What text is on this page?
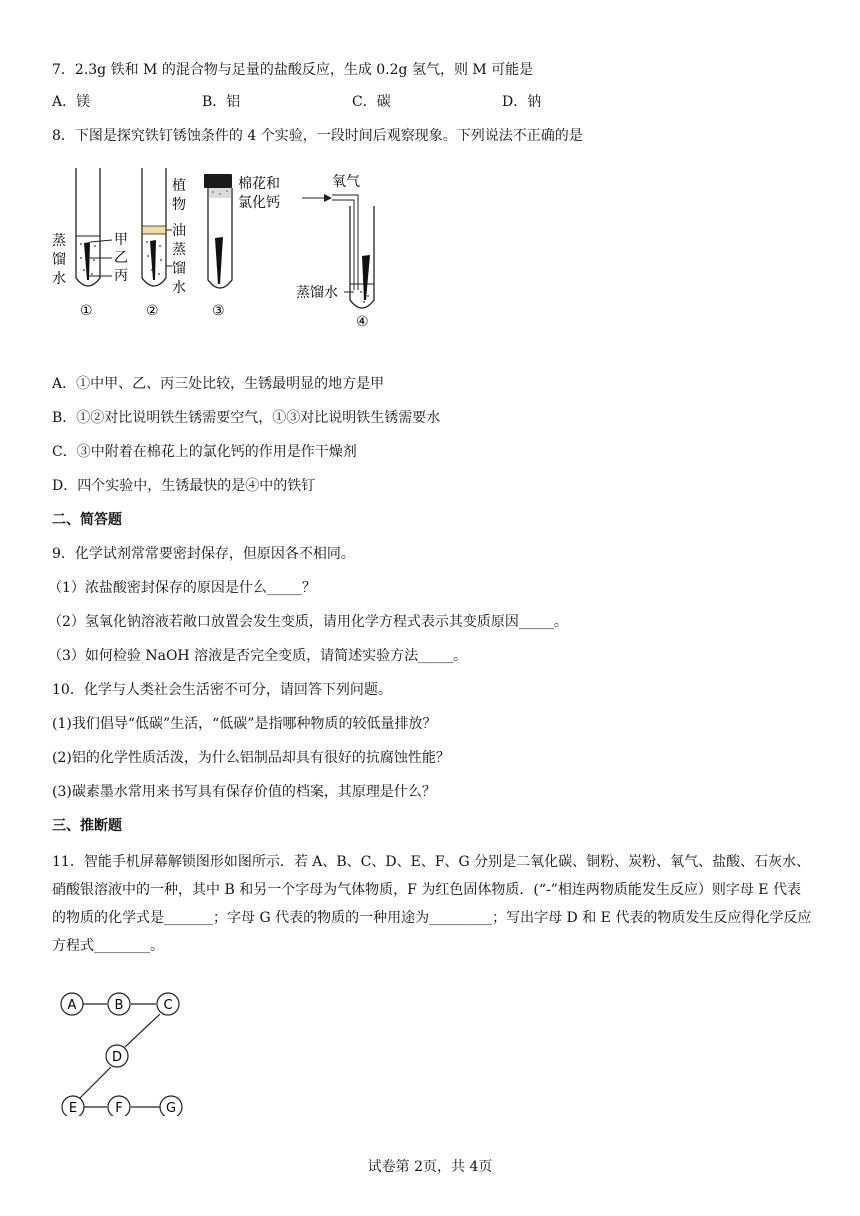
7．2.3g 铁和 M 的混合物与足量的盐酸反应，生成 0.2g 氢气，则 M 可能是
A．镁	B．铝	C．碳	D．钠
8．下图是探究铁钉锈蚀条件的 4 个实验，一段时间后观察现象。下列说法不正确的是
甲
乙
丙
蒸
馏
水
①
植
物
油
蒸
馏
水
②
棉花和
氯化钙
③
氧气
蒸馏水
④
A．①中甲、乙、丙三处比较，生锈最明显的地方是甲
B．①②对比说明铁生锈需要空气，①③对比说明铁生锈需要水
C．③中附着在棉花上的氯化钙的作用是作干燥剂
D．四个实验中，生锈最快的是④中的铁钉
二、简答题
9．化学试剂常常要密封保存，但原因各不相同。
（1）浓盐酸密封保存的原因是什么_____？
（2）氢氧化钠溶液若敞口放置会发生变质，请用化学方程式表示其变质原因_____。
（3）如何检验 NaOH 溶液是否完全变质，请简述实验方法_____。
10．化学与人类社会生活密不可分，请回答下列问题。
(1)我们倡导“低碳”生活，“低碳”是指哪种物质的较低量排放？
(2)铝的化学性质活泼，为什么铝制品却具有很好的抗腐蚀性能？
(3)碳素墨水常用来书写具有保存价值的档案，其原理是什么？
三、推断题
11．智能手机屏幕解锁图形如图所示．若 A、B、C、D、E、F、G 分别是二氧化碳、铜粉、炭粉、氧气、盐酸、石灰水、硝酸银溶液中的一种，其中 B 和另一个字母为气体物质，F 为红色固体物质．(“-”相连两物质能发生反应）则字母 E 代表的物质的化学式是_______；字母 G 代表的物质的一种用途为_________；写出字母 D 和 E 代表的物质发生反应得化学反应方程式________。
A	B	C
D
E	F	G
试卷第 2页，共 4页
